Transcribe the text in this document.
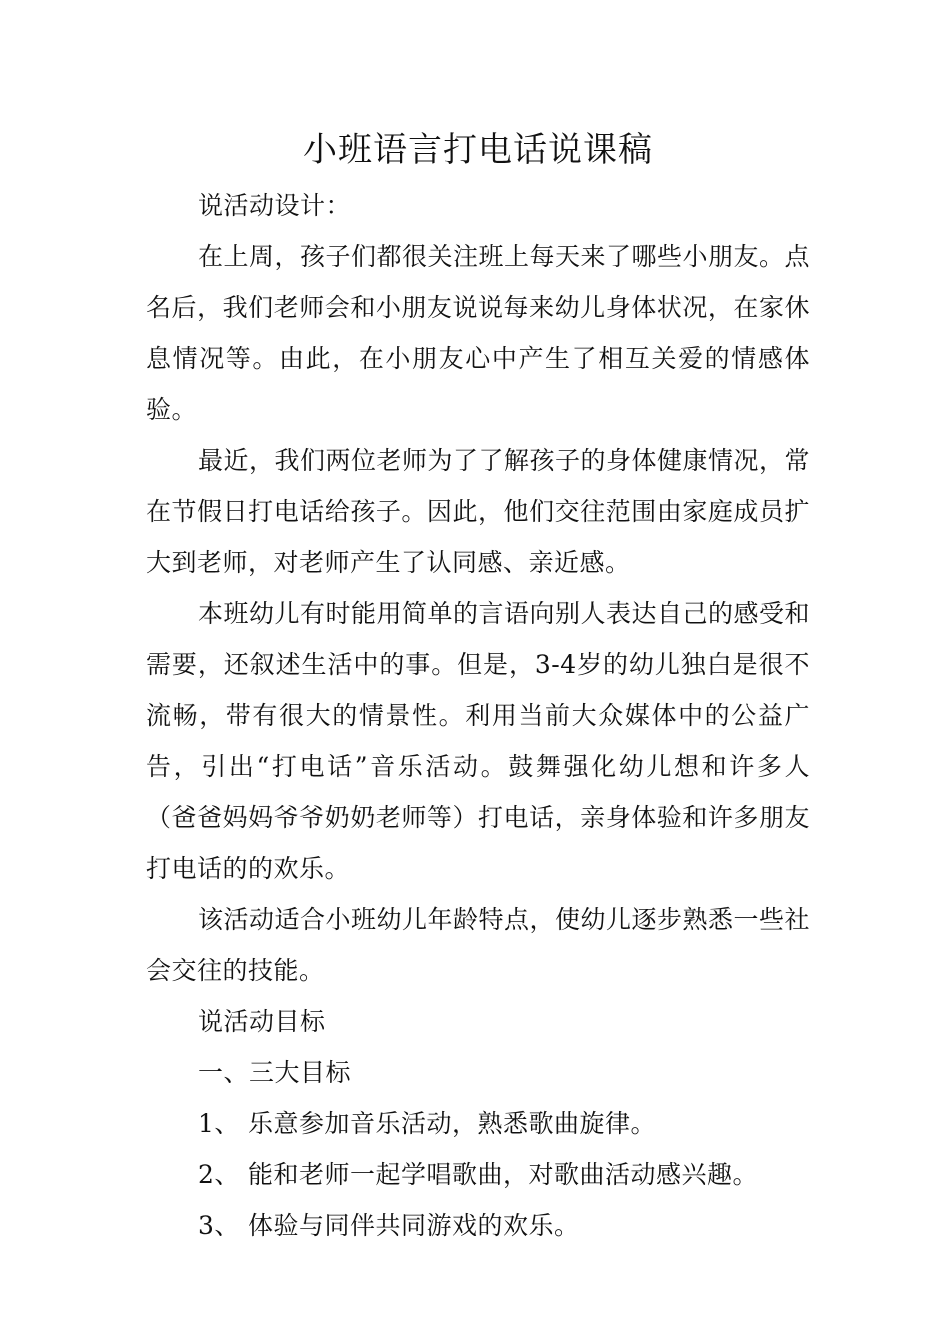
小班语言打电话说课稿

说活动设计：

在上周，孩子们都很关注班上每天来了哪些小朋友。点名后，我们老师会和小朋友说说每来幼儿身体状况，在家休息情况等。由此，在小朋友心中产生了相互关爱的情感体验。

最近，我们两位老师为了了解孩子的身体健康情况，常在节假日打电话给孩子。因此，他们交往范围由家庭成员扩大到老师，对老师产生了认同感、亲近感。

本班幼儿有时能用简单的言语向别人表达自己的感受和需要，还叙述生活中的事。但是，3-4岁的幼儿独白是很不流畅，带有很大的情景性。利用当前大众媒体中的公益广告，引出“打电话”音乐活动。鼓舞强化幼儿想和许多人（爸爸妈妈爷爷奶奶老师等）打电话，亲身体验和许多朋友打电话的的欢乐。

该活动适合小班幼儿年龄特点，使幼儿逐步熟悉一些社会交往的技能。

说活动目标

一、三大目标

1、 乐意参加音乐活动，熟悉歌曲旋律。
2、 能和老师一起学唱歌曲，对歌曲活动感兴趣。
3、 体验与同伴共同游戏的欢乐。
